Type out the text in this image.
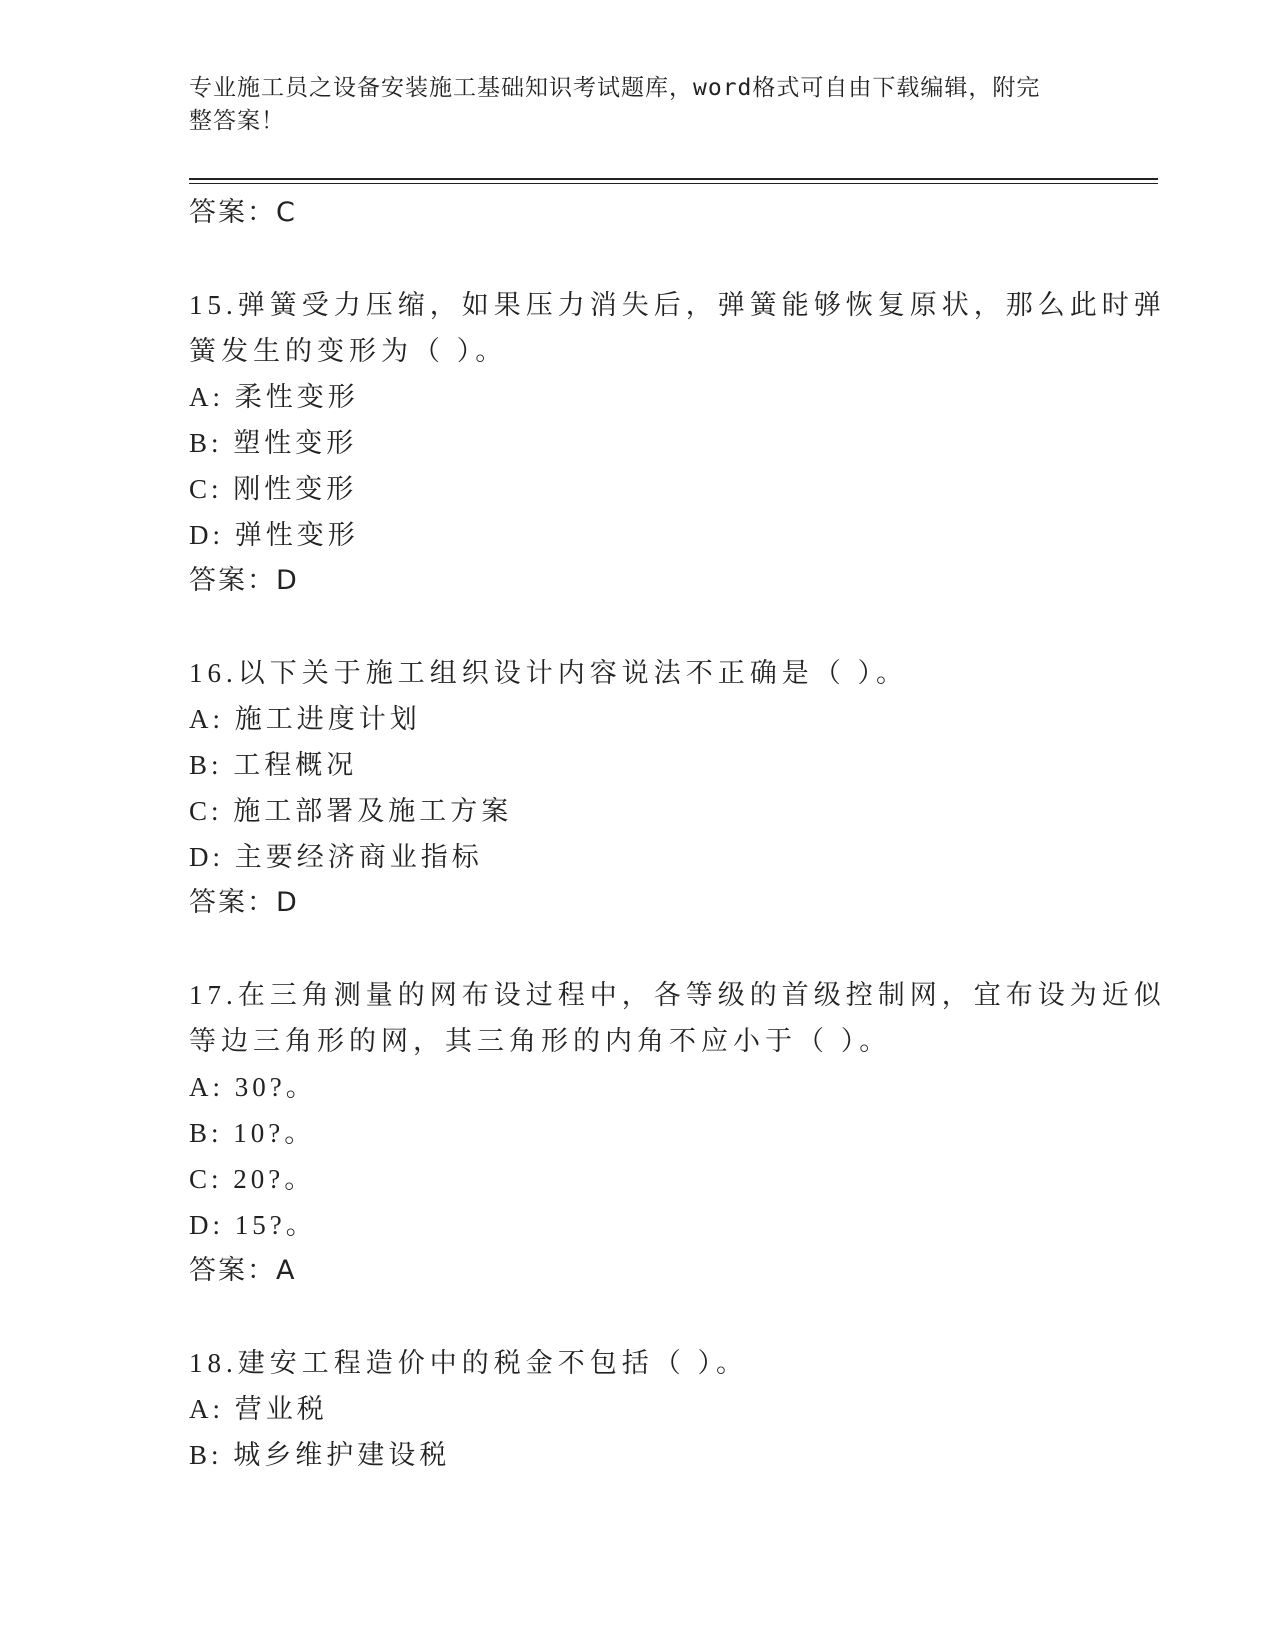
专业施工员之设备安装施工基础知识考试题库，word格式可自由下载编辑，附完
整答案！
答案：C
15.弹簧受力压缩，如果压力消失后，弹簧能够恢复原状，那么此时弹
簧发生的变形为（ ）。
A: 柔性变形
B: 塑性变形
C: 刚性变形
D: 弹性变形
答案：D
16.以下关于施工组织设计内容说法不正确是（ ）。
A: 施工进度计划
B: 工程概况
C: 施工部署及施工方案
D: 主要经济商业指标
答案：D
17.在三角测量的网布设过程中，各等级的首级控制网，宜布设为近似
等边三角形的网，其三角形的内角不应小于（ ）。
A: 30?。
B: 10?。
C: 20?。
D: 15?。
答案：A
18.建安工程造价中的税金不包括（ ）。
A: 营业税
B: 城乡维护建设税
